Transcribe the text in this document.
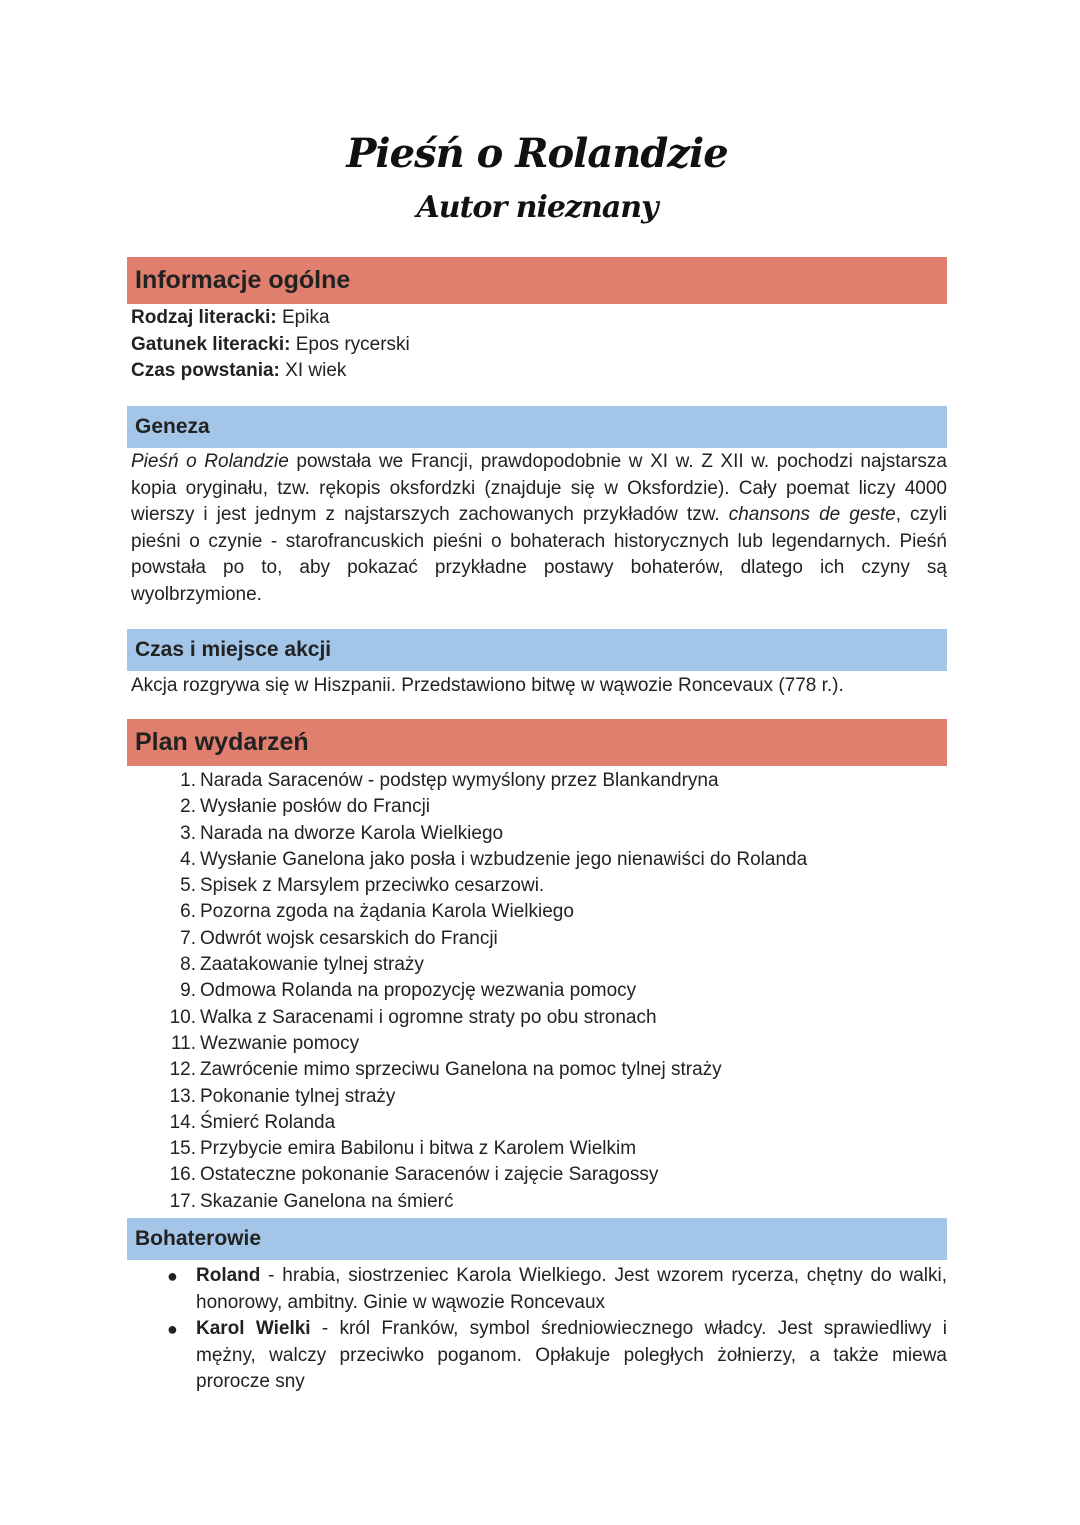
Pieśń o Rolandzie
Autor nieznany
Informacje ogólne
Rodzaj literacki: Epika
Gatunek literacki: Epos rycerski
Czas powstania: XI wiek
Geneza

Pieśń o Rolandzie powstała we Francji, prawdopodobnie w XI w. Z XII w. pochodzi najstarsza kopia oryginału, tzw. rękopis oksfordzki (znajduje się w Oksfordzie). Cały poemat liczy 4000 wierszy i jest jednym z najstarszych zachowanych przykładów tzw. chansons de geste, czyli pieśni o czynie - starofrancuskich pieśni o bohaterach historycznych lub legendarnych. Pieśń powstała po to, aby pokazać przykładne postawy bohaterów, dlatego ich czyny są wyolbrzymione.

Czas i miejsce akcji
Akcja rozgrywa się w Hiszpanii. Przedstawiono bitwę w wąwozie Roncevaux (778 r.).
Plan wydarzeń
1. Narada Saracenów - podstęp wymyślony przez Blankandryna
2. Wysłanie posłów do Francji
3. Narada na dworze Karola Wielkiego
4. Wysłanie Ganelona jako posła i wzbudzenie jego nienawiści do Rolanda
5. Spisek z Marsylem przeciwko cesarzowi.
6. Pozorna zgoda na żądania Karola Wielkiego
7. Odwrót wojsk cesarskich do Francji
8. Zaatakowanie tylnej straży
9. Odmowa Rolanda na propozycję wezwania pomocy
10. Walka z Saracenami i ogromne straty po obu stronach
11. Wezwanie pomocy
12. Zawrócenie mimo sprzeciwu Ganelona na pomoc tylnej straży
13. Pokonanie tylnej straży
14. Śmierć Rolanda
15. Przybycie emira Babilonu i bitwa z Karolem Wielkim
16. Ostateczne pokonanie Saracenów i zajęcie Saragossy
17. Skazanie Ganelona na śmierć
Bohaterowie
● Roland - hrabia, siostrzeniec Karola Wielkiego. Jest wzorem rycerza, chętny do walki, honorowy, ambitny. Ginie w wąwozie Roncevaux
● Karol Wielki - król Franków, symbol średniowiecznego władcy. Jest sprawiedliwy i mężny, walczy przeciwko poganom. Opłakuje poległych żołnierzy, a także miewa prorocze sny
